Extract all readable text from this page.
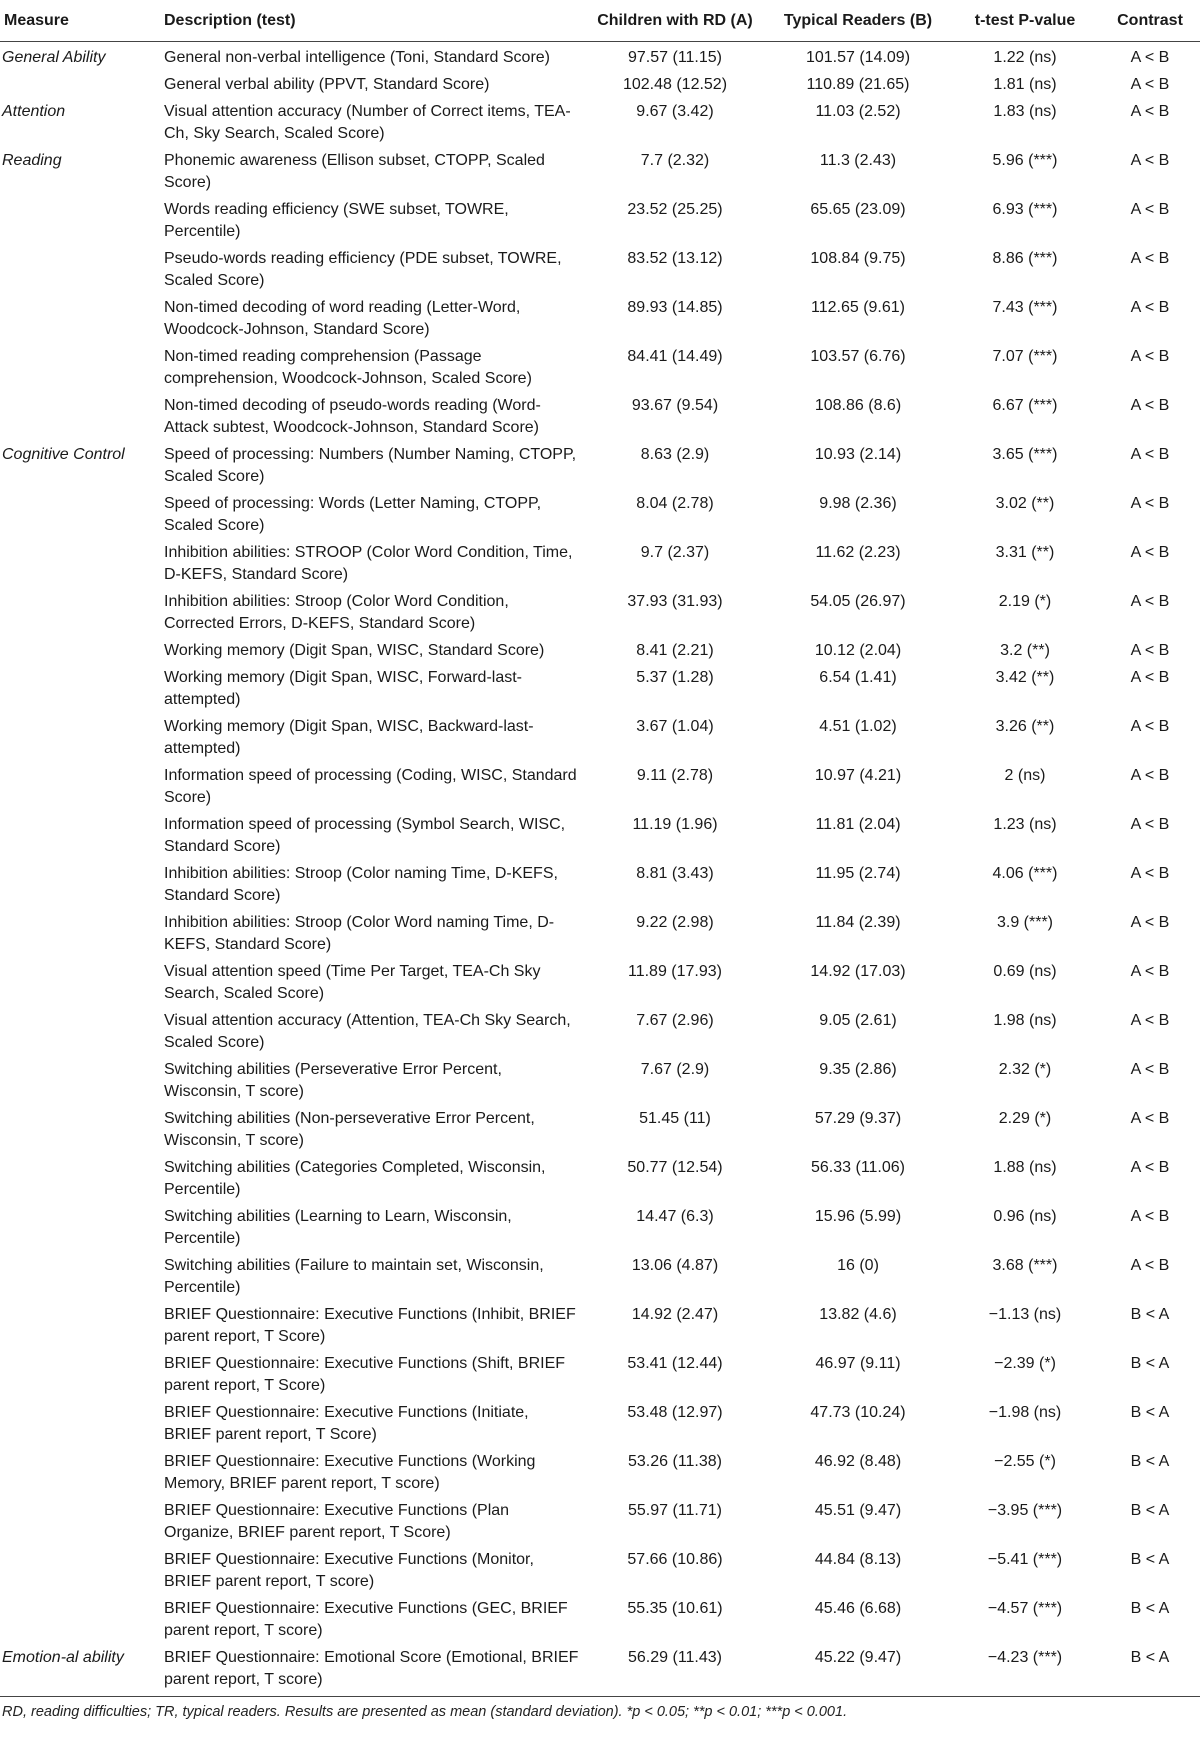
Measure	Description (test)	Children with RD (A)	Typical Readers (B)	t-test P-value	Contrast
General Ability	General non-verbal intelligence (Toni, Standard Score)	97.57 (11.15)	101.57 (14.09)	1.22 (ns)	A < B
	General verbal ability (PPVT, Standard Score)	102.48 (12.52)	110.89 (21.65)	1.81 (ns)	A < B
Attention	Visual attention accuracy (Number of Correct items, TEA-Ch, Sky Search, Scaled Score)	9.67 (3.42)	11.03 (2.52)	1.83 (ns)	A < B
Reading	Phonemic awareness (Ellison subset, CTOPP, Scaled Score)	7.7 (2.32)	11.3 (2.43)	5.96 (***)	A < B
	Words reading efficiency (SWE subset, TOWRE, Percentile)	23.52 (25.25)	65.65 (23.09)	6.93 (***)	A < B
	Pseudo-words reading efficiency (PDE subset, TOWRE, Scaled Score)	83.52 (13.12)	108.84 (9.75)	8.86 (***)	A < B
	Non-timed decoding of word reading (Letter-Word, Woodcock-Johnson, Standard Score)	89.93 (14.85)	112.65 (9.61)	7.43 (***)	A < B
	Non-timed reading comprehension (Passage comprehension, Woodcock-Johnson, Scaled Score)	84.41 (14.49)	103.57 (6.76)	7.07 (***)	A < B
	Non-timed decoding of pseudo-words reading (Word-Attack subtest, Woodcock-Johnson, Standard Score)	93.67 (9.54)	108.86 (8.6)	6.67 (***)	A < B
Cognitive Control	Speed of processing: Numbers (Number Naming, CTOPP, Scaled Score)	8.63 (2.9)	10.93 (2.14)	3.65 (***)	A < B
	Speed of processing: Words (Letter Naming, CTOPP, Scaled Score)	8.04 (2.78)	9.98 (2.36)	3.02 (**)	A < B
	Inhibition abilities: STROOP (Color Word Condition, Time, D-KEFS, Standard Score)	9.7 (2.37)	11.62 (2.23)	3.31 (**)	A < B
	Inhibition abilities: Stroop (Color Word Condition, Corrected Errors, D-KEFS, Standard Score)	37.93 (31.93)	54.05 (26.97)	2.19 (*)	A < B
	Working memory (Digit Span, WISC, Standard Score)	8.41 (2.21)	10.12 (2.04)	3.2 (**)	A < B
	Working memory (Digit Span, WISC, Forward-last-attempted)	5.37 (1.28)	6.54 (1.41)	3.42 (**)	A < B
	Working memory (Digit Span, WISC, Backward-last-attempted)	3.67 (1.04)	4.51 (1.02)	3.26 (**)	A < B
	Information speed of processing (Coding, WISC, Standard Score)	9.11 (2.78)	10.97 (4.21)	2 (ns)	A < B
	Information speed of processing (Symbol Search, WISC, Standard Score)	11.19 (1.96)	11.81 (2.04)	1.23 (ns)	A < B
	Inhibition abilities: Stroop (Color naming Time, D-KEFS, Standard Score)	8.81 (3.43)	11.95 (2.74)	4.06 (***)	A < B
	Inhibition abilities: Stroop (Color Word naming Time, D-KEFS, Standard Score)	9.22 (2.98)	11.84 (2.39)	3.9 (***)	A < B
	Visual attention speed (Time Per Target, TEA-Ch Sky Search, Scaled Score)	11.89 (17.93)	14.92 (17.03)	0.69 (ns)	A < B
	Visual attention accuracy (Attention, TEA-Ch Sky Search, Scaled Score)	7.67 (2.96)	9.05 (2.61)	1.98 (ns)	A < B
	Switching abilities (Perseverative Error Percent, Wisconsin, T score)	7.67 (2.9)	9.35 (2.86)	2.32 (*)	A < B
	Switching abilities (Non-perseverative Error Percent, Wisconsin, T score)	51.45 (11)	57.29 (9.37)	2.29 (*)	A < B
	Switching abilities (Categories Completed, Wisconsin, Percentile)	50.77 (12.54)	56.33 (11.06)	1.88 (ns)	A < B
	Switching abilities (Learning to Learn, Wisconsin, Percentile)	14.47 (6.3)	15.96 (5.99)	0.96 (ns)	A < B
	Switching abilities (Failure to maintain set, Wisconsin, Percentile)	13.06 (4.87)	16 (0)	3.68 (***)	A < B
	BRIEF Questionnaire: Executive Functions (Inhibit, BRIEF parent report, T Score)	14.92 (2.47)	13.82 (4.6)	−1.13 (ns)	B < A
	BRIEF Questionnaire: Executive Functions (Shift, BRIEF parent report, T Score)	53.41 (12.44)	46.97 (9.11)	−2.39 (*)	B < A
	BRIEF Questionnaire: Executive Functions (Initiate, BRIEF parent report, T Score)	53.48 (12.97)	47.73 (10.24)	−1.98 (ns)	B < A
	BRIEF Questionnaire: Executive Functions (Working Memory, BRIEF parent report, T score)	53.26 (11.38)	46.92 (8.48)	−2.55 (*)	B < A
	BRIEF Questionnaire: Executive Functions (Plan Organize, BRIEF parent report, T Score)	55.97 (11.71)	45.51 (9.47)	−3.95 (***)	B < A
	BRIEF Questionnaire: Executive Functions (Monitor, BRIEF parent report, T score)	57.66 (10.86)	44.84 (8.13)	−5.41 (***)	B < A
	BRIEF Questionnaire: Executive Functions (GEC, BRIEF parent report, T score)	55.35 (10.61)	45.46 (6.68)	−4.57 (***)	B < A
Emotion-al ability	BRIEF Questionnaire: Emotional Score (Emotional, BRIEF parent report, T score)	56.29 (11.43)	45.22 (9.47)	−4.23 (***)	B < A
RD, reading difficulties; TR, typical readers. Results are presented as mean (standard deviation). *p < 0.05; **p < 0.01; ***p < 0.001.
